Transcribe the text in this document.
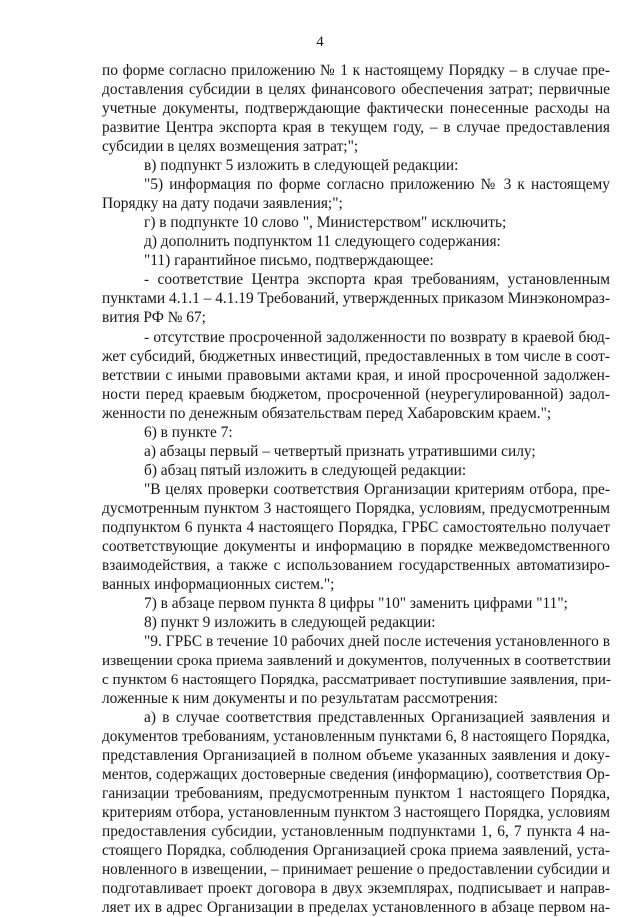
4
по форме согласно приложению № 1 к настоящему Порядку – в случае пре-
доставления субсидии в целях финансового обеспечения затрат; первичные
учетные документы, подтверждающие фактически понесенные расходы на
развитие Центра экспорта края в текущем году, – в случае предоставления
субсидии в целях возмещения затрат;";
в) подпункт 5 изложить в следующей редакции:
"5) информация по форме согласно приложению № 3 к настоящему
Порядку на дату подачи заявления;";
г) в подпункте 10 слово ", Министерством" исключить;
д) дополнить подпунктом 11 следующего содержания:
"11) гарантийное письмо, подтверждающее:
- соответствие Центра экспорта края требованиям, установленным
пунктами 4.1.1 – 4.1.19 Требований, утвержденных приказом Минэкономраз-
вития РФ № 67;
- отсутствие просроченной задолженности по возврату в краевой бюд-
жет субсидий, бюджетных инвестиций, предоставленных в том числе в соот-
ветствии с иными правовыми актами края, и иной просроченной задолжен-
ности перед краевым бюджетом, просроченной (неурегулированной) задол-
женности по денежным обязательствам перед Хабаровским краем.";
6) в пункте 7:
а) абзацы первый – четвертый признать утратившими силу;
б) абзац пятый изложить в следующей редакции:
"В целях проверки соответствия Организации критериям отбора, пре-
дусмотренным пунктом 3 настоящего Порядка, условиям, предусмотренным
подпунктом 6 пункта 4 настоящего Порядка, ГРБС самостоятельно получает
соответствующие документы и информацию в порядке межведомственного
взаимодействия, а также с использованием государственных автоматизиро-
ванных информационных систем.";
7) в абзаце первом пункта 8 цифры "10" заменить цифрами "11";
8) пункт 9 изложить в следующей редакции:
"9. ГРБС в течение 10 рабочих дней после истечения установленного в
извещении срока приема заявлений и документов, полученных в соответствии
с пунктом 6 настоящего Порядка, рассматривает поступившие заявления, при-
ложенные к ним документы и по результатам рассмотрения:
а) в случае соответствия представленных Организацией заявления и
документов требованиям, установленным пунктами 6, 8 настоящего Порядка,
представления Организацией в полном объеме указанных заявления и доку-
ментов, содержащих достоверные сведения (информацию), соответствия Ор-
ганизации требованиям, предусмотренным пунктом 1 настоящего Порядка,
критериям отбора, установленным пунктом 3 настоящего Порядка, условиям
предоставления субсидии, установленным подпунктами 1, 6, 7 пункта 4 на-
стоящего Порядка, соблюдения Организацией срока приема заявлений, уста-
новленного в извещении, – принимает решение о предоставлении субсидии и
подготавливает проект договора в двух экземплярах, подписывает и направ-
ляет их в адрес Организации в пределах установленного в абзаце первом на-
